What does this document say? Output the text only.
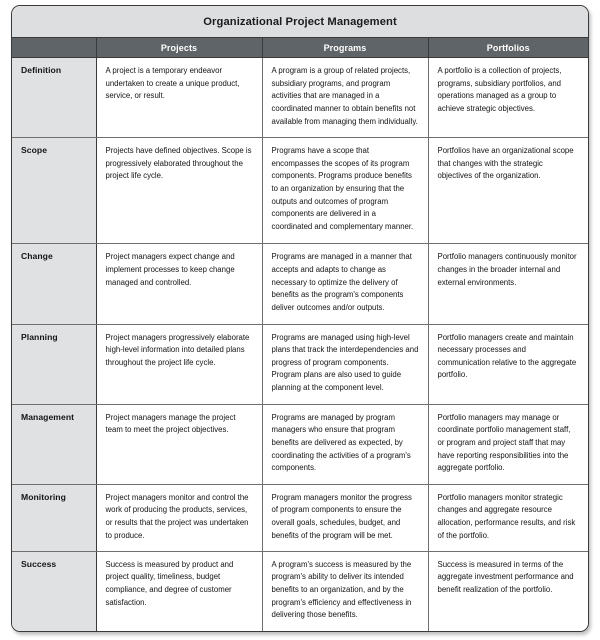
Organizational Project Management			
	Projects	Programs	Portfolios
Definition	A project is a temporary endeavor undertaken to create a unique product, service, or result.	A program is a group of related projects, subsidiary programs, and program activities that are managed in a coordinated manner to obtain benefits not available from managing them individually.	A portfolio is a collection of projects, programs, subsidiary portfolios, and operations managed as a group to achieve strategic objectives.
Scope	Projects have defined objectives. Scope is progressively elaborated throughout the project life cycle.	Programs have a scope that encompasses the scopes of its program components. Programs produce benefits to an organization by ensuring that the outputs and outcomes of program components are delivered in a coordinated and complementary manner.	Portfolios have an organizational scope that changes with the strategic objectives of the organization.
Change	Project managers expect change and implement processes to keep change managed and controlled.	Programs are managed in a manner that accepts and adapts to change as necessary to optimize the delivery of benefits as the program's components deliver outcomes and/or outputs.	Portfolio managers continuously monitor changes in the broader internal and external environments.
Planning	Project managers progressively elaborate high-level information into detailed plans throughout the project life cycle.	Programs are managed using high-level plans that track the interdependencies and progress of program components. Program plans are also used to guide planning at the component level.	Portfolio managers create and maintain necessary processes and communication relative to the aggregate portfolio.
Management	Project managers manage the project team to meet the project objectives.	Programs are managed by program managers who ensure that program benefits are delivered as expected, by coordinating the activities of a program's components.	Portfolio managers may manage or coordinate portfolio management staff, or program and project staff that may have reporting responsibilities into the aggregate portfolio.
Monitoring	Project managers monitor and control the work of producing the products, services, or results that the project was undertaken to produce.	Program managers monitor the progress of program components to ensure the overall goals, schedules, budget, and benefits of the program will be met.	Portfolio managers monitor strategic changes and aggregate resource allocation, performance results, and risk of the portfolio.
Success	Success is measured by product and project quality, timeliness, budget compliance, and degree of customer satisfaction.	A program's success is measured by the program's ability to deliver its intended benefits to an organization, and by the program's efficiency and effectiveness in delivering those benefits.	Success is measured in terms of the aggregate investment performance and benefit realization of the portfolio.
